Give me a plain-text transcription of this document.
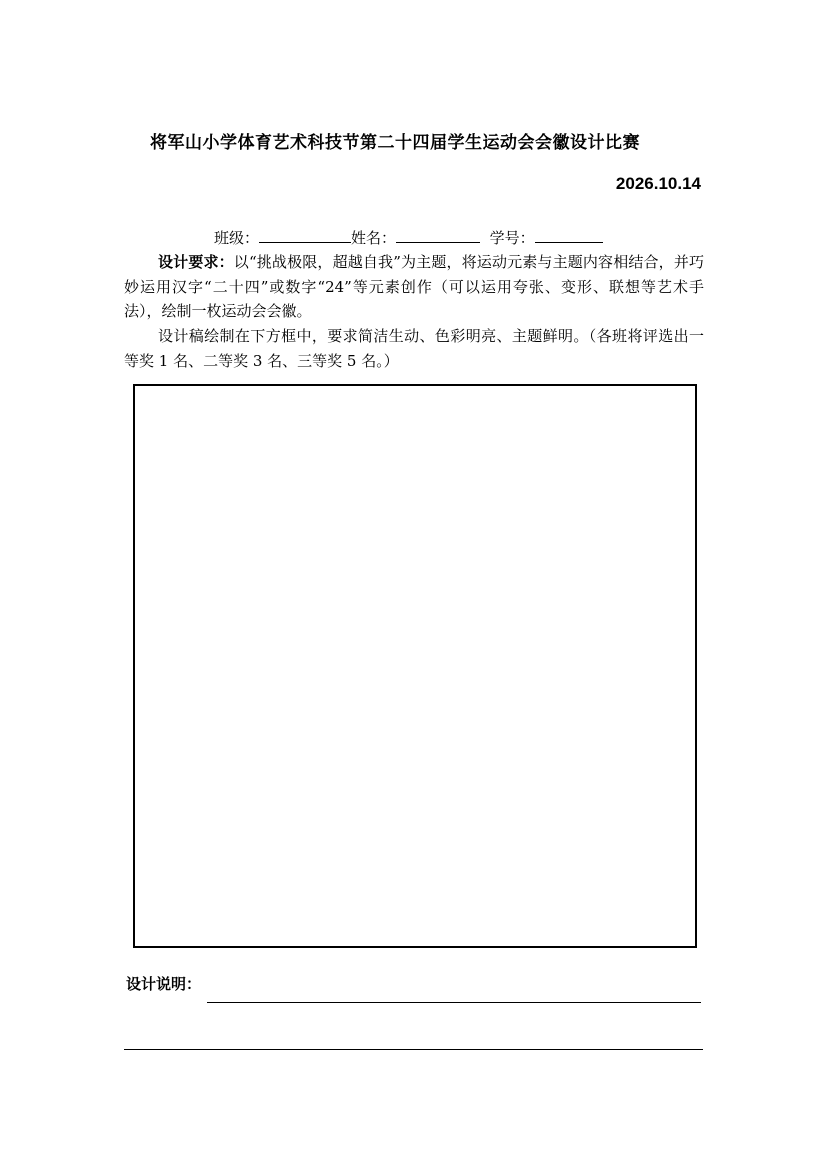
将军山小学体育艺术科技节第二十四届学生运动会会徽设计比赛
2026.10.14
班级：	姓名：	学号：
设计要求：以“挑战极限，超越自我”为主题，将运动元素与主题内容相结合，并巧妙运用汉字“二十四”或数字“24”等元素创作（可以运用夸张、变形、联想等艺术手法），绘制一枚运动会会徽。
设计稿绘制在下方框中，要求简洁生动、色彩明亮、主题鲜明。（各班将评选出一等奖 1 名、二等奖 3 名、三等奖 5 名。）
设计说明：
